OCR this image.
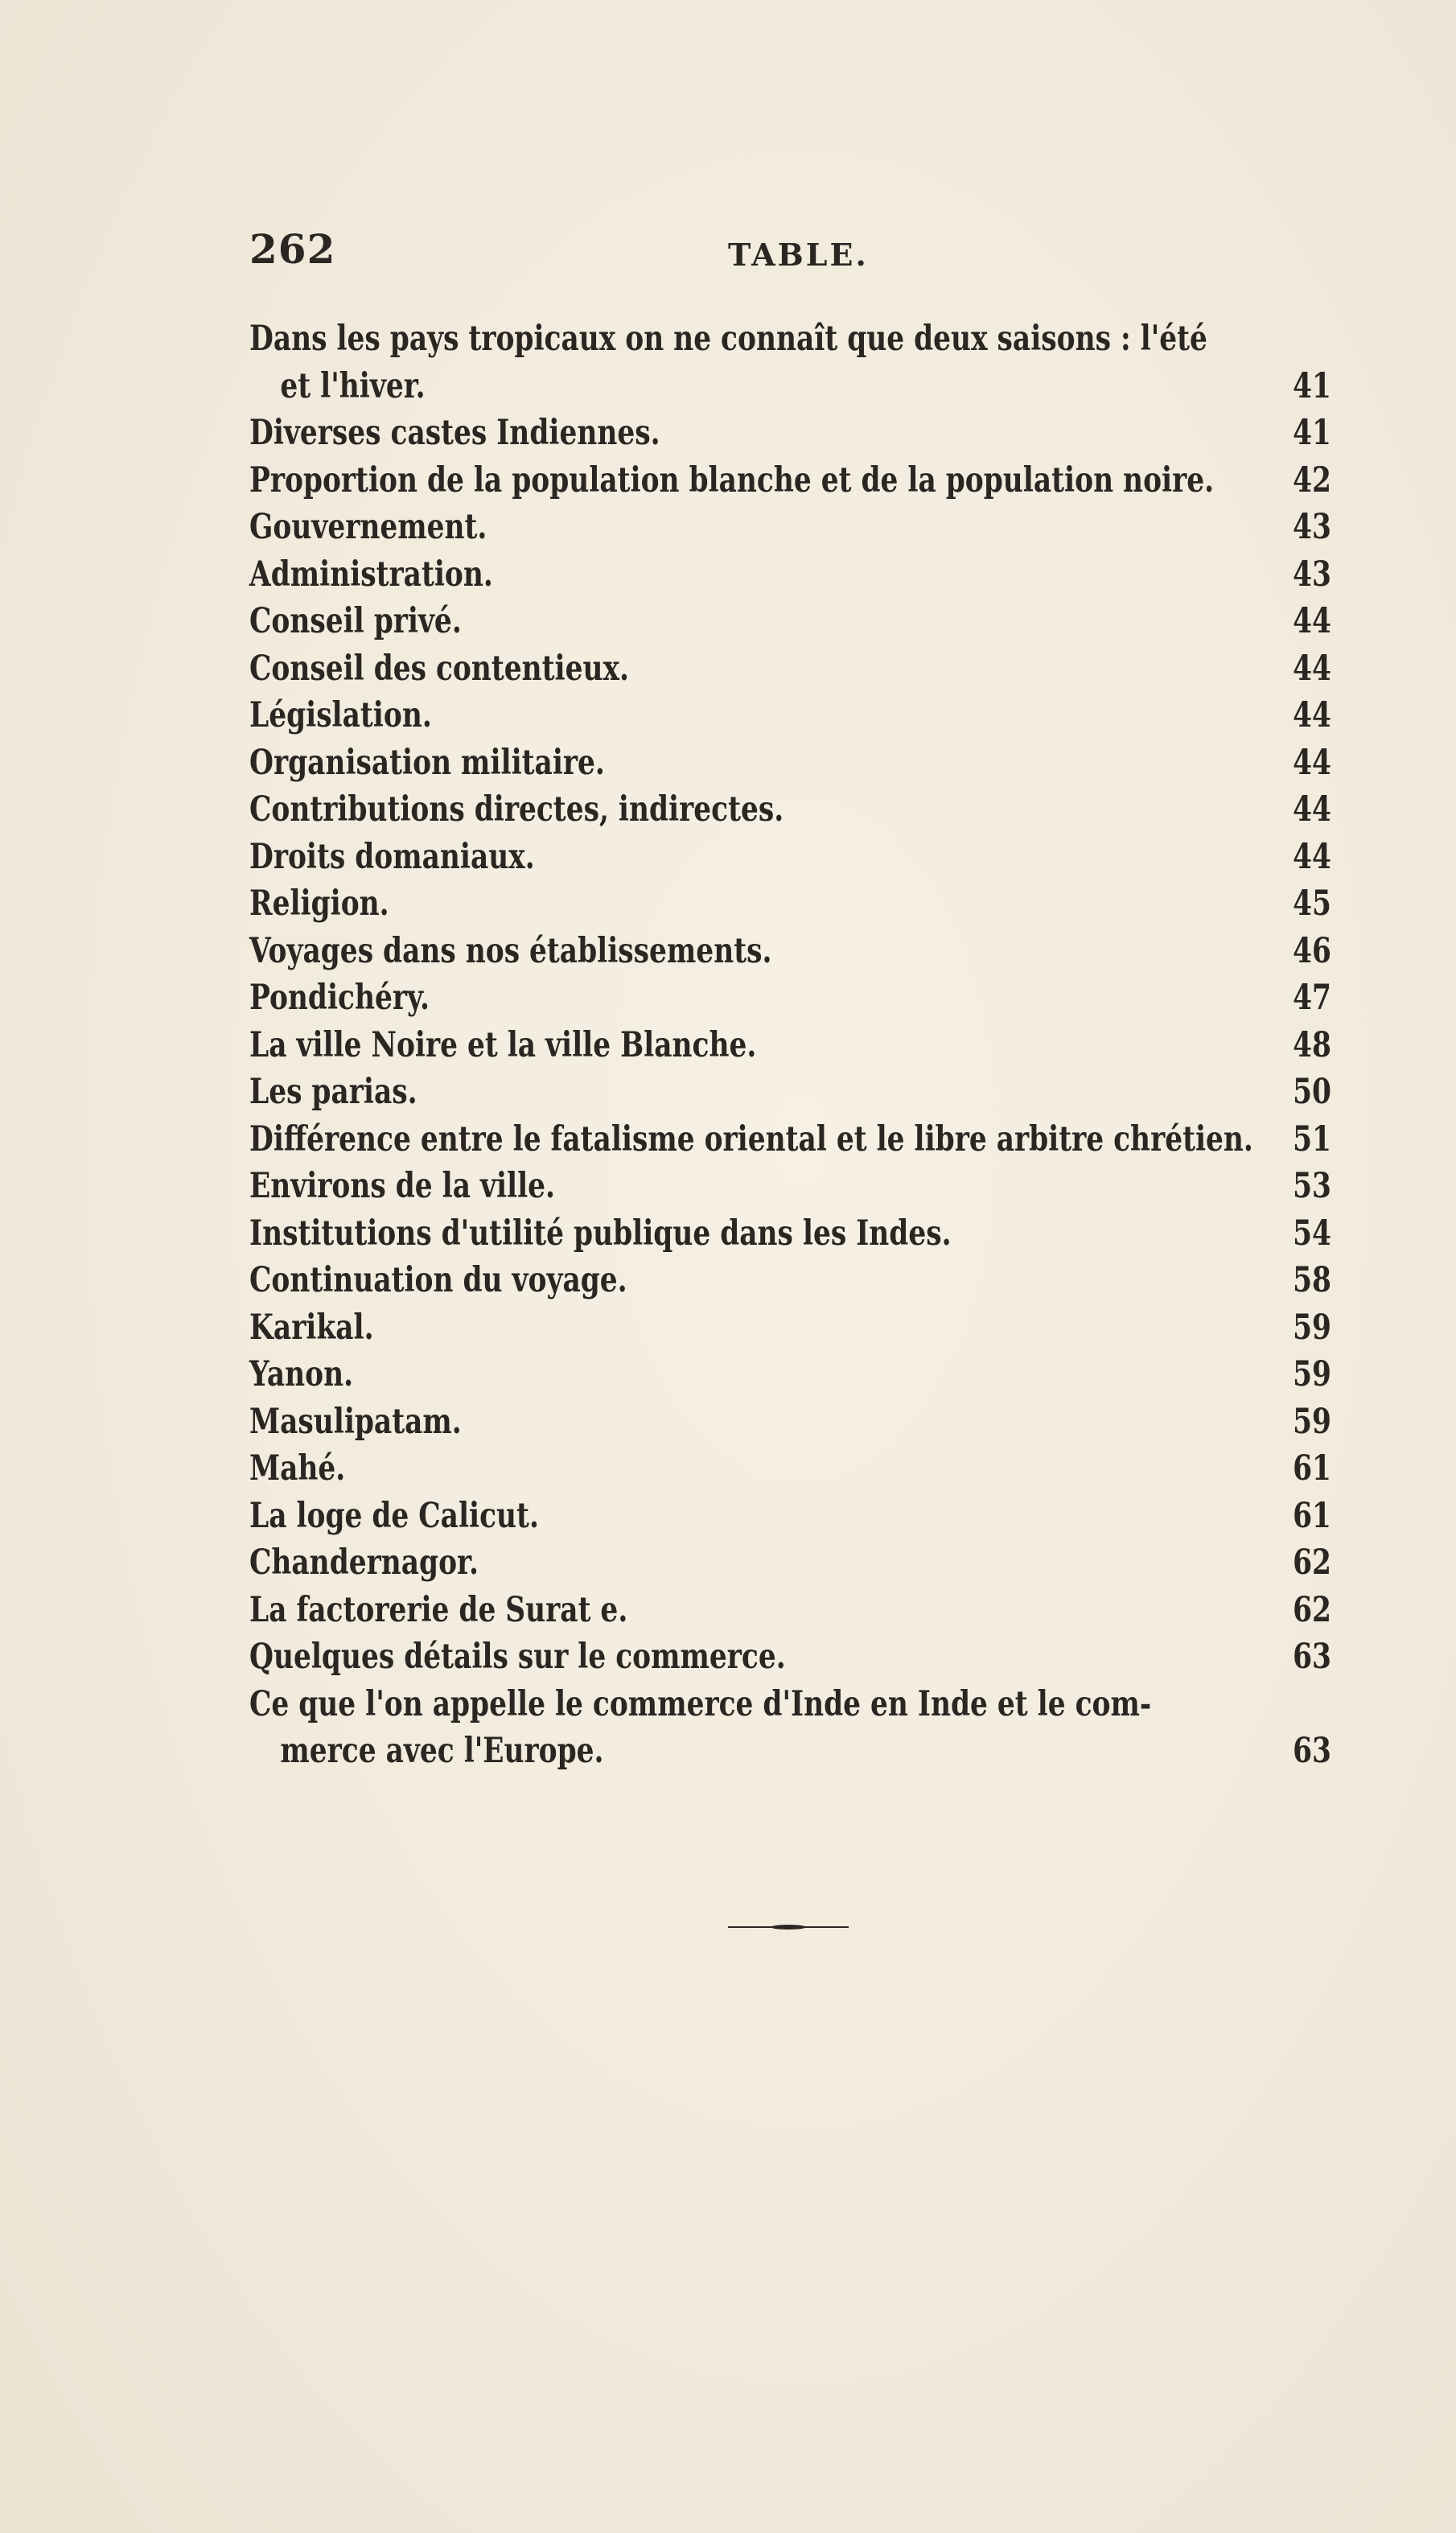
262	TABLE.
Dans les pays tropicaux on ne connaît que deux saisons : l'été
et l'hiver.	41
Diverses castes Indiennes.	41
Proportion de la population blanche et de la population noire.	42
Gouvernement.	43
Administration.	43
Conseil privé.	44
Conseil des contentieux.	44
Législation.	44
Organisation militaire.	44
Contributions directes, indirectes.	44
Droits domaniaux.	44
Religion.	45
Voyages dans nos établissements.	46
Pondichéry.	47
La ville Noire et la ville Blanche.	48
Les parias.	50
Différence entre le fatalisme oriental et le libre arbitre chrétien.	51
Environs de la ville.	53
Institutions d'utilité publique dans les Indes.	54
Continuation du voyage.	58
Karikal.	59
Yanon.	59
Masulipatam.	59
Mahé.	61
La loge de Calicut.	61
Chandernagor.	62
La factorerie de Surat e.	62
Quelques détails sur le commerce.	63
Ce que l'on appelle le commerce d'Inde en Inde et le com-
merce avec l'Europe.	63
